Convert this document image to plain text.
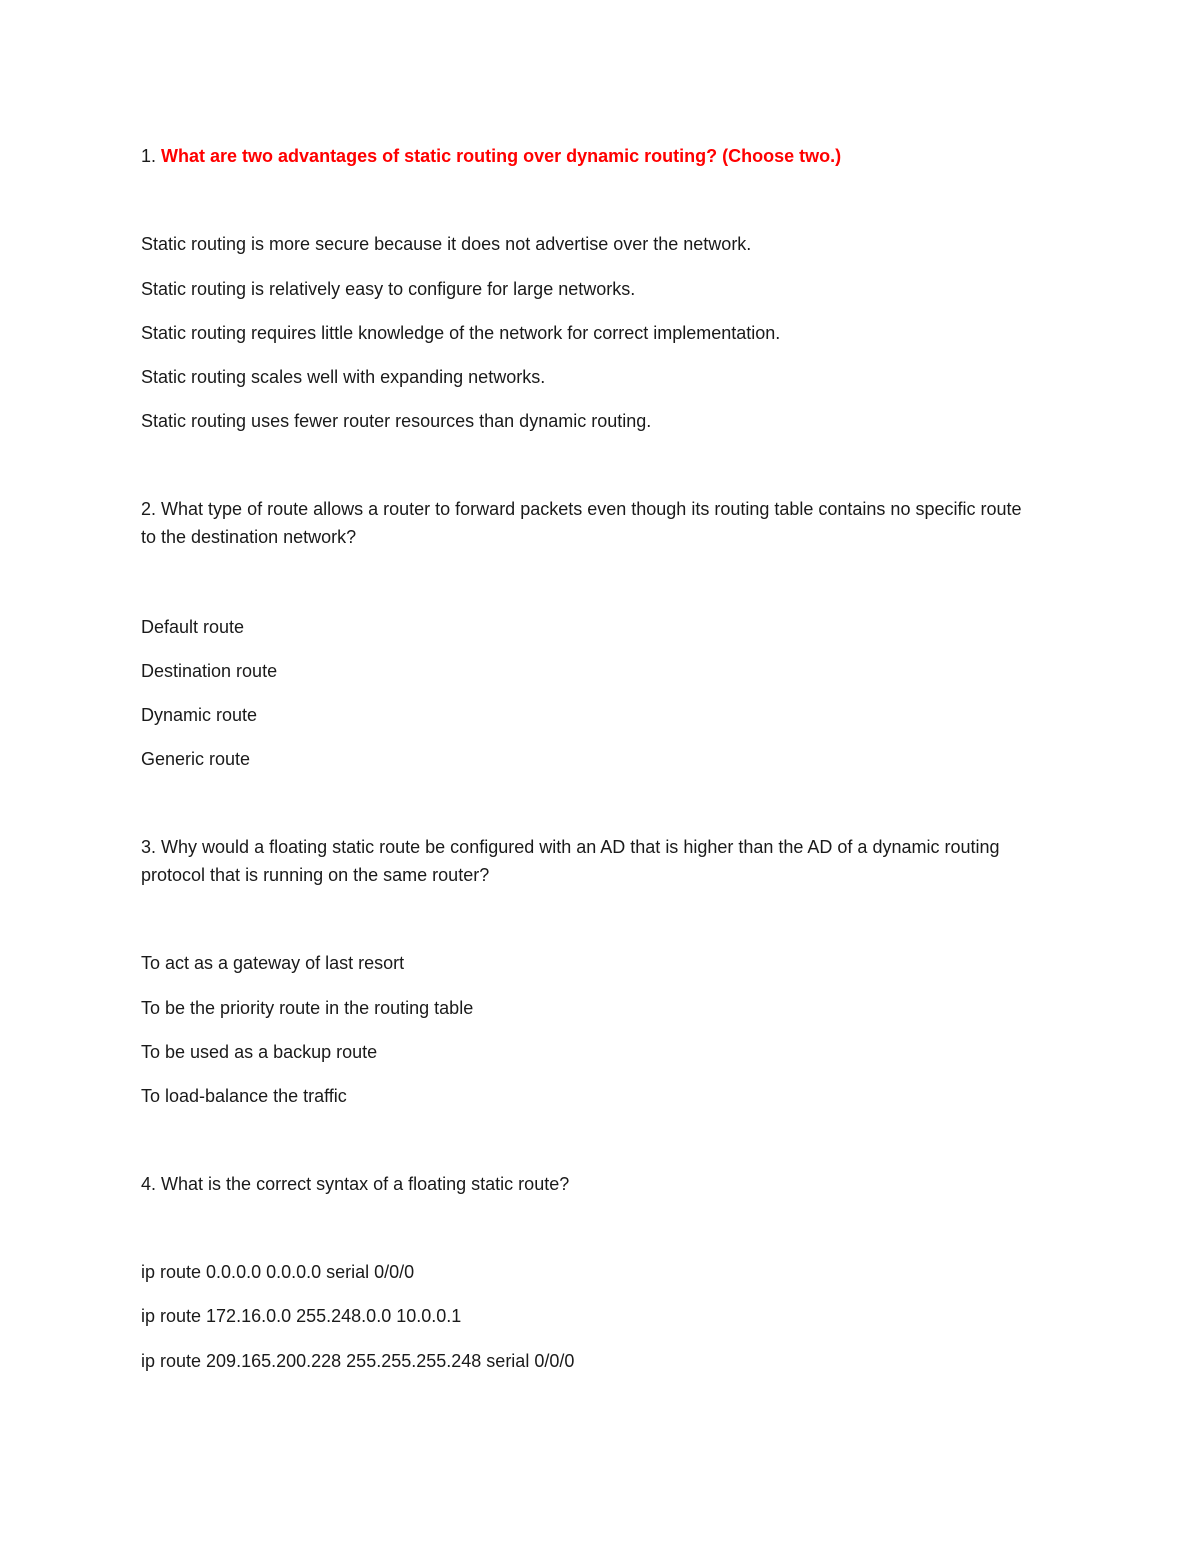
1. What are two advantages of static routing over dynamic routing? (Choose two.)
Static routing is more secure because it does not advertise over the network.
Static routing is relatively easy to configure for large networks.
Static routing requires little knowledge of the network for correct implementation.
Static routing scales well with expanding networks.
Static routing uses fewer router resources than dynamic routing.
2. What type of route allows a router to forward packets even though its routing table contains no specific route to the destination network?
Default route
Destination route
Dynamic route
Generic route
3. Why would a floating static route be configured with an AD that is higher than the AD of a dynamic routing protocol that is running on the same router?
To act as a gateway of last resort
To be the priority route in the routing table
To be used as a backup route
To load-balance the traffic
4. What is the correct syntax of a floating static route?
ip route 0.0.0.0 0.0.0.0 serial 0/0/0
ip route 172.16.0.0 255.248.0.0 10.0.0.1
ip route 209.165.200.228 255.255.255.248 serial 0/0/0
